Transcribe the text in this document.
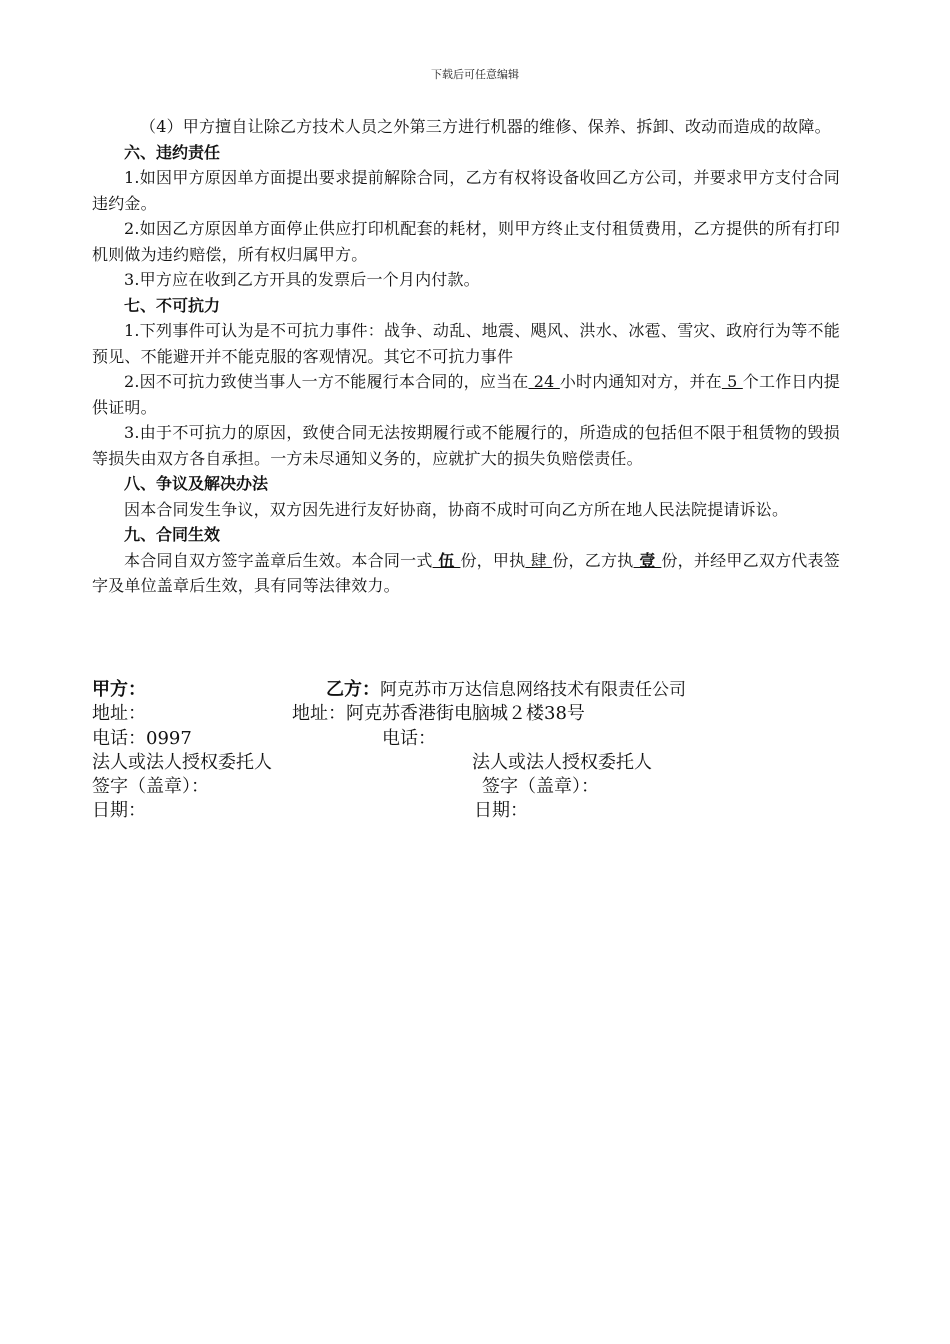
下载后可任意编辑

（4）甲方擅自让除乙方技术人员之外第三方进行机器的维修、保养、拆卸、改动而造成的故障。

六、违约责任

1.如因甲方原因单方面提出要求提前解除合同，乙方有权将设备收回乙方公司，并要求甲方支付合同违约金。

2.如因乙方原因单方面停止供应打印机配套的耗材，则甲方终止支付租赁费用，乙方提供的所有打印机则做为违约赔偿，所有权归属甲方。

3.甲方应在收到乙方开具的发票后一个月内付款。

七、不可抗力

1.下列事件可认为是不可抗力事件：战争、动乱、地震、飓风、洪水、冰雹、雪灾、政府行为等不能预见、不能避开并不能克服的客观情况。其它不可抗力事件

2.因不可抗力致使当事人一方不能履行本合同的，应当在 24 小时内通知对方，并在 5 个工作日内提供证明。

3.由于不可抗力的原因，致使合同无法按期履行或不能履行的，所造成的包括但不限于租赁物的毁损等损失由双方各自承担。一方未尽通知义务的，应就扩大的损失负赔偿责任。

八、争议及解决办法

因本合同发生争议，双方因先进行友好协商，协商不成时可向乙方所在地人民法院提请诉讼。

九、合同生效

本合同自双方签字盖章后生效。本合同一式 伍 份，甲执 肆 份，乙方执 壹 份，并经甲乙双方代表签字及单位盖章后生效，具有同等法律效力。

甲方：	乙方：阿克苏市万达信息网络技术有限责任公司
地址：	地址：阿克苏香港街电脑城２楼38号
电话：0997	电话：
法人或法人授权委托人	法人或法人授权委托人
签字（盖章）：	签字（盖章）：
日期：	日期：
